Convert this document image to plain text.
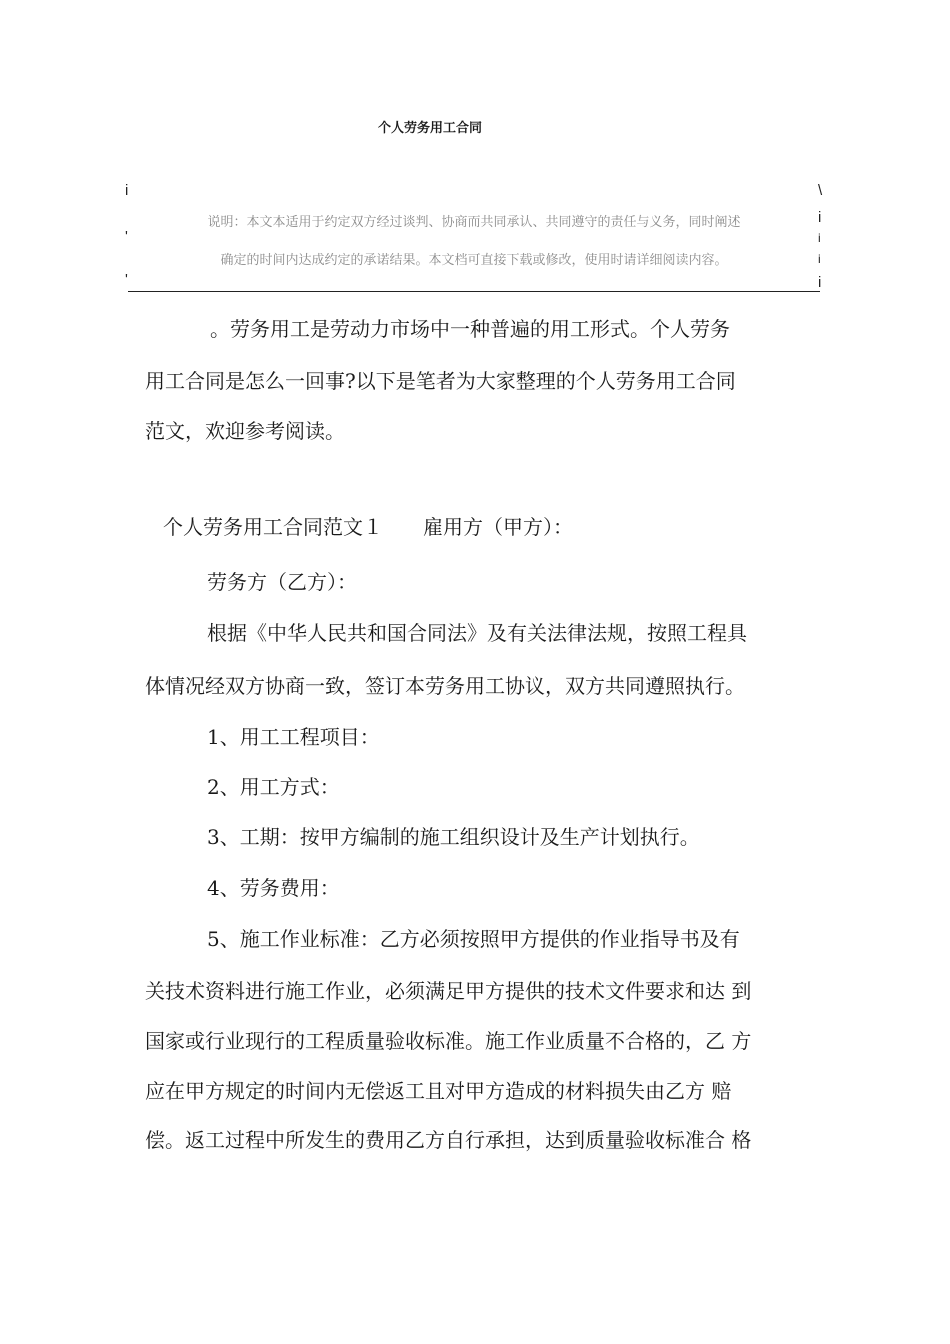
个人劳务用工合同
i
'
'
\
i
i
i
i
说明：本文本适用于约定双方经过谈判、协商而共同承认、共同遵守的责任与义务，同时阐述
确定的时间内达成约定的承诺结果。本文档可直接下载或修改，使用时请详细阅读内容。
。劳务用工是劳动力市场中一种普遍的用工形式。个人劳务
用工合同是怎么一回事?以下是笔者为大家整理的个人劳务用工合同
范文，欢迎参考阅读。
个人劳务用工合同范文１　　雇用方（甲方）：
劳务方（乙方）：
根据《中华人民共和国合同法》及有关法律法规，按照工程具
体情况经双方协商一致，签订本劳务用工协议，双方共同遵照执行。
1、用工工程项目：
2、用工方式：
3、工期：按甲方编制的施工组织设计及生产计划执行。
4、劳务费用：
5、施工作业标准：乙方必须按照甲方提供的作业指导书及有
关技术资料进行施工作业，必须满足甲方提供的技术文件要求和达 到
国家或行业现行的工程质量验收标准。施工作业质量不合格的，乙 方
应在甲方规定的时间内无偿返工且对甲方造成的材料损失由乙方 赔
偿。返工过程中所发生的费用乙方自行承担，达到质量验收标准合 格
